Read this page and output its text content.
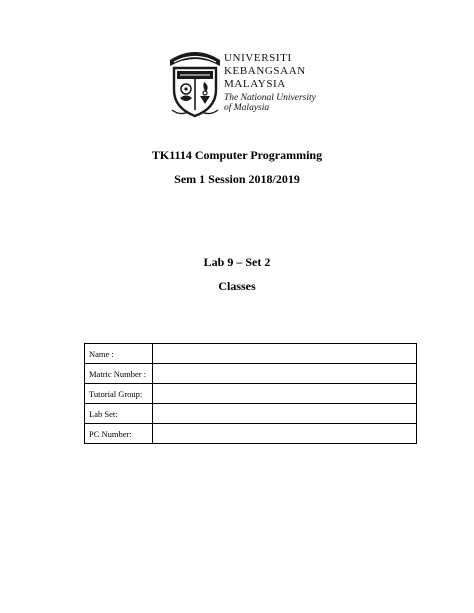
UNIVERSITI
KEBANGSAAN
MALAYSIA
The National University
of Malaysia
TK1114 Computer Programming
Sem 1 Session 2018/2019
Lab 9 – Set 2
Classes
Name :	
Matric Number :	
Tutorial Group:	
Lab Set:	
PC Number:	
